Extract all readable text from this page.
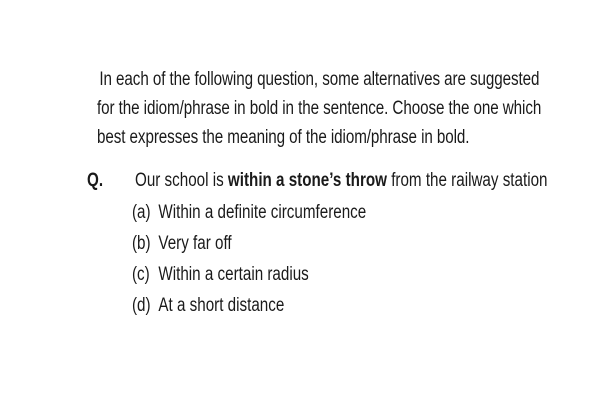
In each of the following question, some alternatives are suggested
for the idiom/phrase in bold in the sentence. Choose the one which
best expresses the meaning of the idiom/phrase in bold.
Q. Our school is within a stone’s throw from the railway station
(a) Within a definite circumference
(b) Very far off
(c) Within a certain radius
(d) At a short distance
